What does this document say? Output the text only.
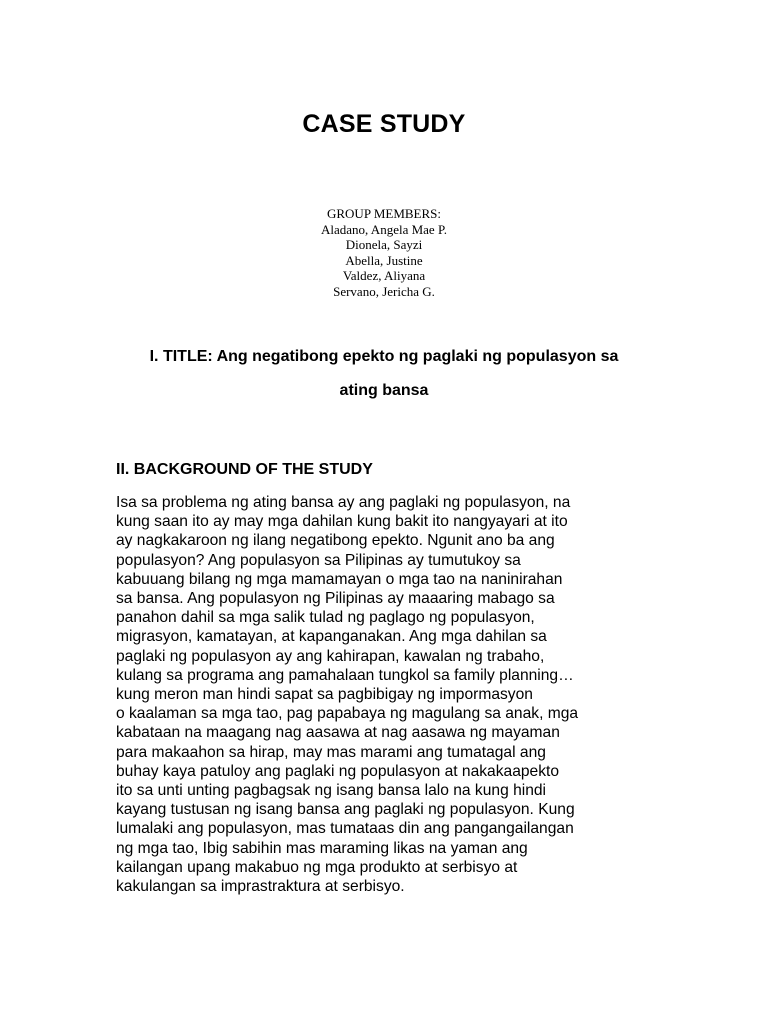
CASE STUDY
GROUP MEMBERS:
Aladano, Angela Mae P.
Dionela, Sayzi
Abella, Justine
Valdez, Aliyana
Servano, Jericha G.
I. TITLE: Ang negatibong epekto ng paglaki ng populasyon sa
ating bansa
II. BACKGROUND OF THE STUDY

Isa sa problema ng ating bansa ay ang paglaki ng populasyon, na
kung saan ito ay may mga dahilan kung bakit ito nangyayari at ito
ay nagkakaroon ng ilang negatibong epekto. Ngunit ano ba ang
populasyon? Ang populasyon sa Pilipinas ay tumutukoy sa
kabuuang bilang ng mga mamamayan o mga tao na naninirahan
sa bansa. Ang populasyon ng Pilipinas ay maaaring mabago sa
panahon dahil sa mga salik tulad ng paglago ng populasyon,
migrasyon, kamatayan, at kapanganakan. Ang mga dahilan sa
paglaki ng populasyon ay ang kahirapan, kawalan ng trabaho,
kulang sa programa ang pamahalaan tungkol sa family planning…
kung meron man hindi sapat sa pagbibigay ng impormasyon
o kaalaman sa mga tao, pag papabaya ng magulang sa anak, mga
kabataan na maagang nag aasawa at nag aasawa ng mayaman
para makaahon sa hirap, may mas marami ang tumatagal ang
buhay kaya patuloy ang paglaki ng populasyon at nakakaapekto
ito sa unti unting pagbagsak ng isang bansa lalo na kung hindi
kayang tustusan ng isang bansa ang paglaki ng populasyon. Kung
lumalaki ang populasyon, mas tumataas din ang pangangailangan
ng mga tao, Ibig sabihin mas maraming likas na yaman ang
kailangan upang makabuo ng mga produkto at serbisyo at
kakulangan sa imprastraktura at serbisyo.
